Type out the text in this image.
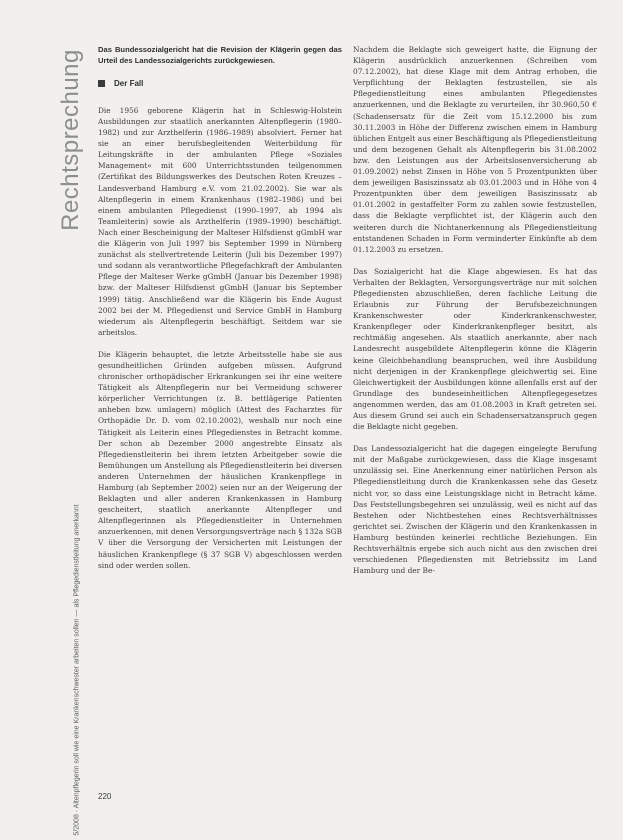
Rechtsprechung
5/2008 · Altenpflegerin soll wie eine Krankenschwester arbeiten sollen — als Pflegedienstleitung anerkannt

Das Bundessozialgericht hat die Revision der Klägerin gegen das Urteil des Landessozialgerichts zurückgewiesen.

Der Fall

Die 1956 geborene Klägerin hat in Schleswig-Holstein Ausbildungen zur staatlich anerkannten Altenpflegerin (1980–1982) und zur Arzthelferin (1986–1989) absolviert. Ferner hat sie an einer berufsbegleitenden Weiterbildung für Leitungskräfte in der ambulanten Pflege »Soziales Management« mit 600 Unterrichtsstunden teilgenommen (Zertifikat des Bildungswerkes des Deutschen Roten Kreuzes – Landesverband Hamburg e.V. vom 21.02.2002). Sie war als Altenpflegerin in einem Krankenhaus (1982–1986) und bei einem ambulanten Pflegedienst (1990–1997, ab 1994 als Teamleiterin) sowie als Arzthelferin (1989–1990) beschäftigt. Nach einer Bescheinigung der Malteser Hilfsdienst gGmbH war die Klägerin von Juli 1997 bis September 1999 in Nürnberg zunächst als stellvertretende Leiterin (Juli bis Dezember 1997) und sodann als verantwortliche Pflegefachkraft der Ambulanten Pflege der Malteser Werke gGmbH (Januar bis Dezember 1998) bzw. der Malteser Hilfsdienst gGmbH (Januar bis September 1999) tätig. Anschließend war die Klägerin bis Ende August 2002 bei der M. Pflegedienst und Service GmbH in Hamburg wiederum als Altenpflegerin beschäftigt. Seitdem war sie arbeitslos.

Die Klägerin behauptet, die letzte Arbeitsstelle habe sie aus gesundheitlichen Gründen aufgeben müssen. Aufgrund chronischer orthopädischer Erkrankungen sei ihr eine weitere Tätigkeit als Altenpflegerin nur bei Vermeidung schwerer körperlicher Verrichtungen (z. B. bettlägerige Patienten anheben bzw. umlagern) möglich (Attest des Facharztes für Orthopädie Dr. D. vom 02.10.2002), weshalb nur noch eine Tätigkeit als Leiterin eines Pflegedienstes in Betracht komme. Der schon ab Dezember 2000 angestrebte Einsatz als Pflegedienstleiterin bei ihrem letzten Arbeitgeber sowie die Bemühungen um Anstellung als Pflegedienstleiterin bei diversen anderen Unternehmen der häuslichen Krankenpflege in Hamburg (ab September 2002) seien nur an der Weigerung der Beklagten und aller anderen Krankenkassen in Hamburg gescheitert, staatlich anerkannte Altenpfleger und Altenpflegerinnen als Pflegedienstleiter in Unternehmen anzuerkennen, mit denen Versorgungsverträge nach § 132a SGB V über die Versorgung der Versicherten mit Leistungen der häuslichen Krankenpflege (§ 37 SGB V) abgeschlossen werden sind oder werden sollen.

Nachdem die Beklagte sich geweigert hatte, die Eignung der Klägerin ausdrücklich anzuerkennen (Schreiben vom 07.12.2002), hat diese Klage mit dem Antrag erhoben, die Verpflichtung der Beklagten festzustellen, sie als Pflegedienstleitung eines ambulanten Pflegedienstes anzuerkennen, und die Beklagte zu verurteilen, ihr 30.960,50 € (Schadensersatz für die Zeit vom 15.12.2000 bis zum 30.11.2003 in Höhe der Differenz zwischen einem in Hamburg üblichen Entgelt aus einer Beschäftigung als Pflegedienstleitung und dem bezogenen Gehalt als Altenpflegerin bis 31.08.2002 bzw. den Leistungen aus der Arbeitslosenversicherung ab 01.09.2002) nebst Zinsen in Höhe von 5 Prozentpunkten über dem jeweiligen Basiszinssatz ab 03.01.2003 und in Höhe von 4 Prozentpunkten über dem jeweiligen Basiszinssatz ab 01.01.2002 in gestaffelter Form zu zahlen sowie festzustellen, dass die Beklagte verpflichtet ist, der Klägerin auch den weiteren durch die Nichtanerkennung als Pflegedienstleitung entstandenen Schaden in Form verminderter Einkünfte ab dem 01.12.2003 zu ersetzen.

Das Sozialgericht hat die Klage abgewiesen. Es hat das Verhalten der Beklagten, Versorgungsverträge nur mit solchen Pflegediensten abzuschließen, deren fachliche Leitung die Erlaubnis zur Führung der Berufsbezeichnungen Krankenschwester oder Kinderkrankenschwester, Krankenpfleger oder Kinderkrankenpfleger besitzt, als rechtmäßig angesehen. Als staatlich anerkannte, aber nach Landesrecht ausgebildete Altenpflegerin könne die Klägerin keine Gleichbehandlung beanspruchen, weil ihre Ausbildung nicht derjenigen in der Krankenpflege gleichwertig sei. Eine Gleichwertigkeit der Ausbildungen könne allenfalls erst auf der Grundlage des bundeseinheitlichen Altenpflegegesetzes angenommen werden, das am 01.08.2003 in Kraft getreten sei. Aus diesem Grund sei auch ein Schadensersatzanspruch gegen die Beklagte nicht gegeben.

Das Landessozialgericht hat die dagegen eingelegte Berufung mit der Maßgabe zurückgewiesen, dass die Klage insgesamt unzulässig sei. Eine Anerkennung einer natürlichen Person als Pflegedienstleitung durch die Krankenkassen sehe das Gesetz nicht vor, so dass eine Leistungsklage nicht in Betracht käme. Das Feststellungsbegehren sei unzulässig, weil es nicht auf das Bestehen oder Nichtbestehen eines Rechtsverhältnisses gerichtet sei. Zwischen der Klägerin und den Krankenkassen in Hamburg bestünden keinerlei rechtliche Beziehungen. Ein Rechtsverhältnis ergebe sich auch nicht aus den zwischen drei verschiedenen Pflegediensten mit Betriebssitz im Land Hamburg und der Be-

220
